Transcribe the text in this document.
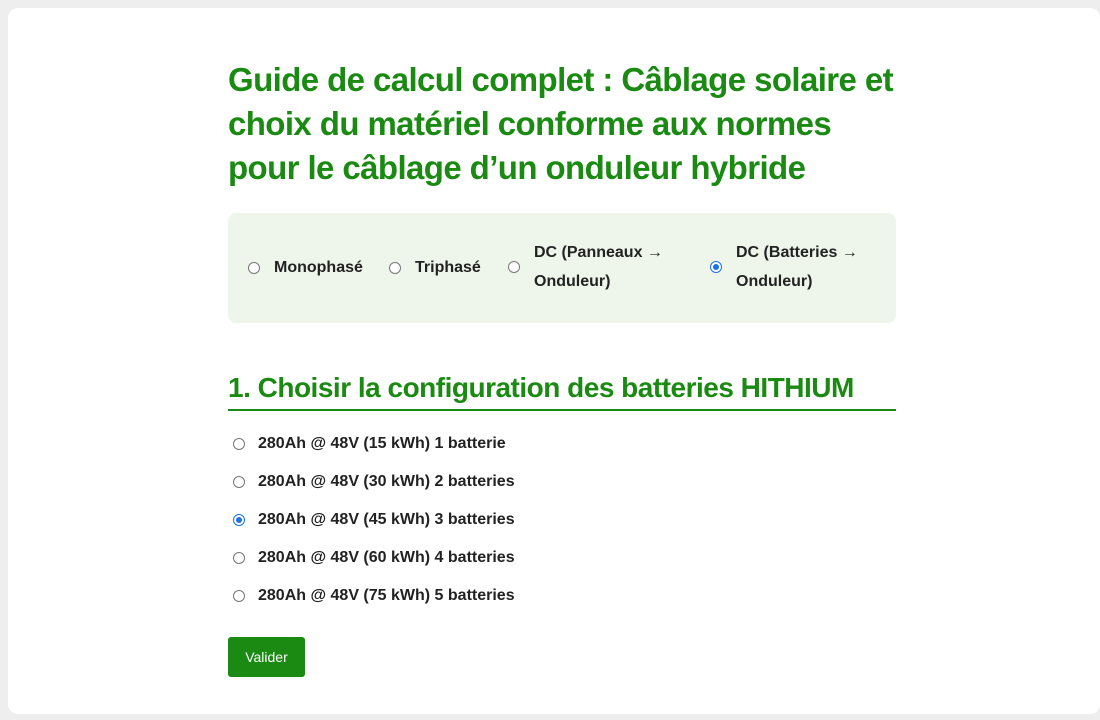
Guide de calcul complet : Câblage solaire et choix du matériel conforme aux normes pour le câblage d’un onduleur hybride
Monophasé	Triphasé
DC (Panneaux →
Onduleur)
DC (Batteries →
Onduleur)
1. Choisir la configuration des batteries HITHIUM
280Ah @ 48V (15 kWh) 1 batterie
280Ah @ 48V (30 kWh) 2 batteries
280Ah @ 48V (45 kWh) 3 batteries
280Ah @ 48V (60 kWh) 4 batteries
280Ah @ 48V (75 kWh) 5 batteries
Valider
